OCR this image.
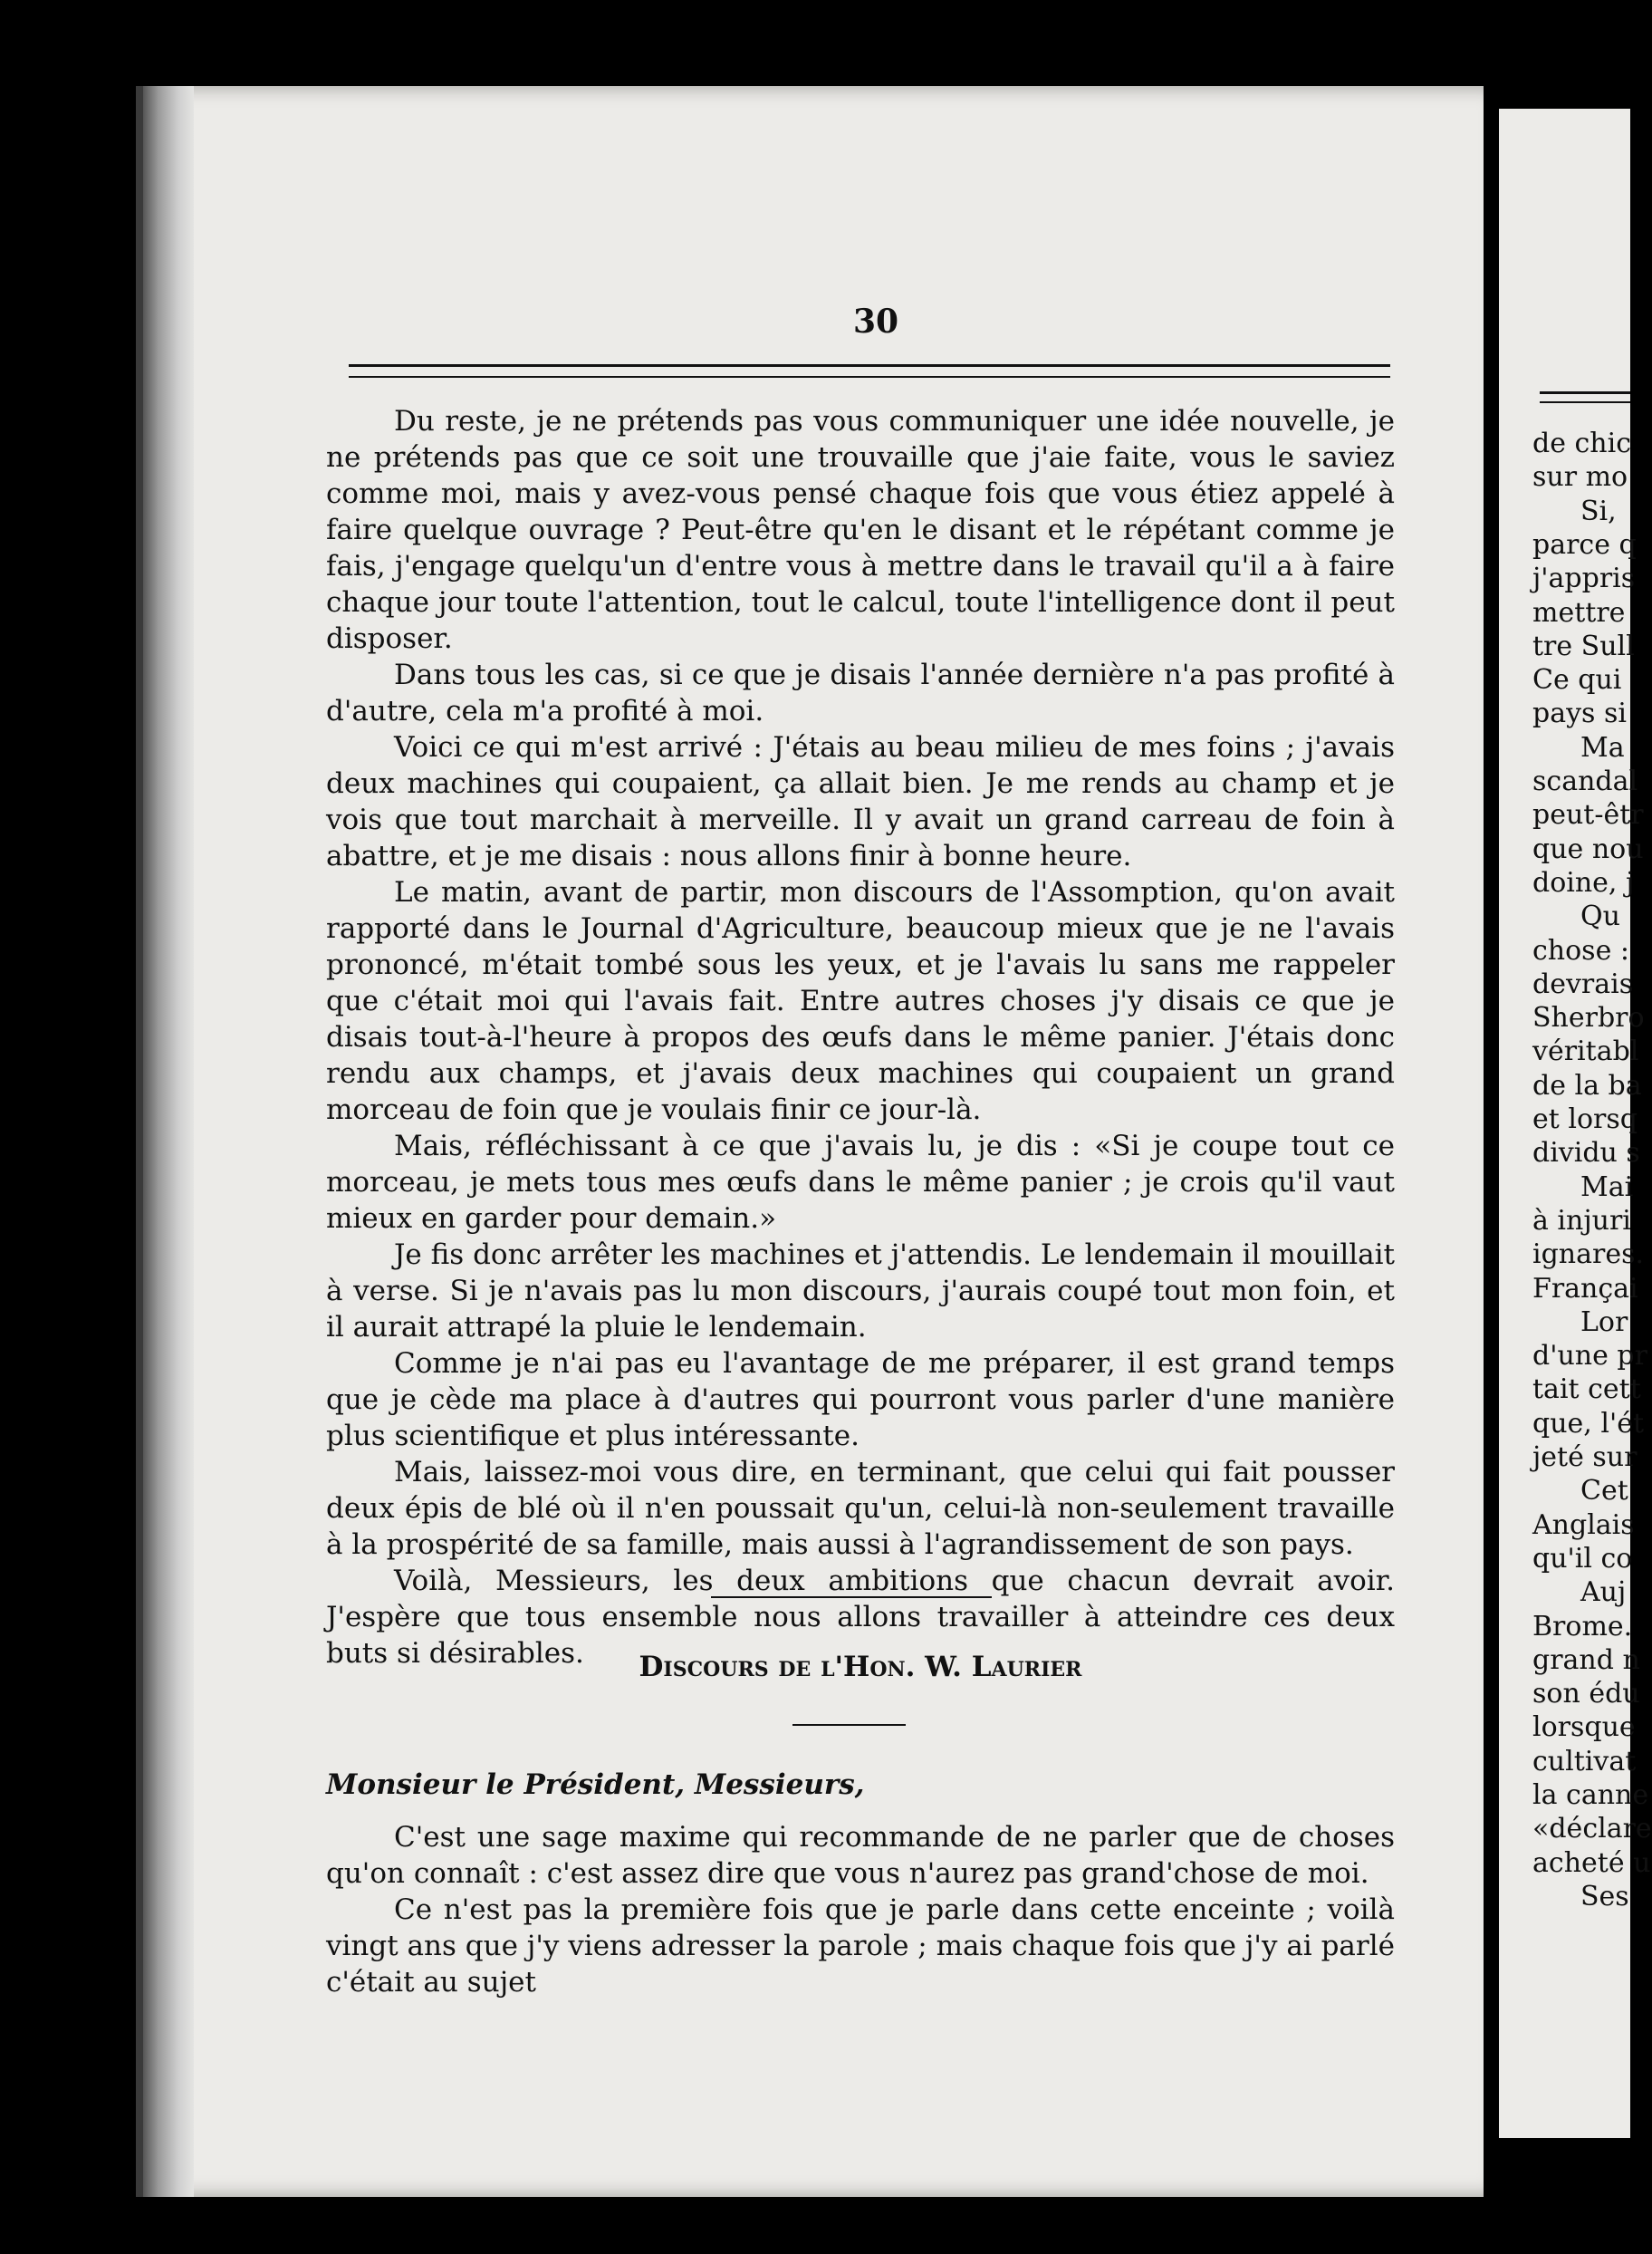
30

Du reste, je ne prétends pas vous communiquer une idée nouvelle, je ne prétends pas que ce soit une trouvaille que j'aie faite, vous le saviez comme moi, mais y avez-vous pensé chaque fois que vous étiez appelé à faire quelque ouvrage ? Peut-être qu'en le disant et le répétant comme je fais, j'engage quelqu'un d'entre vous à mettre dans le travail qu'il a à faire chaque jour toute l'attention, tout le calcul, toute l'intelligence dont il peut disposer.

Dans tous les cas, si ce que je disais l'année dernière n'a pas profité à d'autre, cela m'a profité à moi.

Voici ce qui m'est arrivé : J'étais au beau milieu de mes foins ; j'avais deux machines qui coupaient, ça allait bien. Je me rends au champ et je vois que tout marchait à merveille. Il y avait un grand carreau de foin à abattre, et je me disais : nous allons finir à bonne heure.

Le matin, avant de partir, mon discours de l'Assomption, qu'on avait rapporté dans le Journal d'Agriculture, beaucoup mieux que je ne l'avais prononcé, m'était tombé sous les yeux, et je l'avais lu sans me rappeler que c'était moi qui l'avais fait. Entre autres choses j'y disais ce que je disais tout-à-l'heure à propos des œufs dans le même panier. J'étais donc rendu aux champs, et j'avais deux machines qui coupaient un grand morceau de foin que je voulais finir ce jour-là.

Mais, réfléchissant à ce que j'avais lu, je dis : «Si je coupe tout ce morceau, je mets tous mes œufs dans le même panier ; je crois qu'il vaut mieux en garder pour demain.»

Je fis donc arrêter les machines et j'attendis. Le lendemain il mouillait à verse. Si je n'avais pas lu mon discours, j'aurais coupé tout mon foin, et il aurait attrapé la pluie le lendemain.

Comme je n'ai pas eu l'avantage de me préparer, il est grand temps que je cède ma place à d'autres qui pourront vous parler d'une manière plus scientifique et plus intéressante.

Mais, laissez-moi vous dire, en terminant, que celui qui fait pousser deux épis de blé où il n'en poussait qu'un, celui-là non-seulement travaille à la prospérité de sa famille, mais aussi à l'agrandissement de son pays.

Voilà, Messieurs, les deux ambitions que chacun devrait avoir. J'espère que tous ensemble nous allons travailler à atteindre ces deux buts si désirables.	Discours de l'Hon. W. Laurier
Monsieur le Président, Messieurs,

C'est une sage maxime qui recommande de ne parler que de choses qu'on connaît : c'est assez dire que vous n'aurez pas grand'chose de moi.

Ce n'est pas la première fois que je parle dans cette enceinte ; voilà vingt ans que j'y viens adresser la parole ; mais chaque fois que j'y ai parlé c'était au sujet

de chic
sur mo
Si,
parce q
j'appris
mettre
tre Sull
Ce qui
pays si
Ma
scandal
peut-êtr
que nou
doine, j
Qu
chose :
devrais
Sherbro
véritabl
de la ba
et lorsq
dividu s
Mai
à injuri
ignares.
Françai
Lor
d'une pr
tait cett
que, l'ét
jeté sur
Cet
Anglais
qu'il co
Auj
Brome.
grand n
son édu
lorsque
cultivat
la canne
«déclare
acheté u
Ses
